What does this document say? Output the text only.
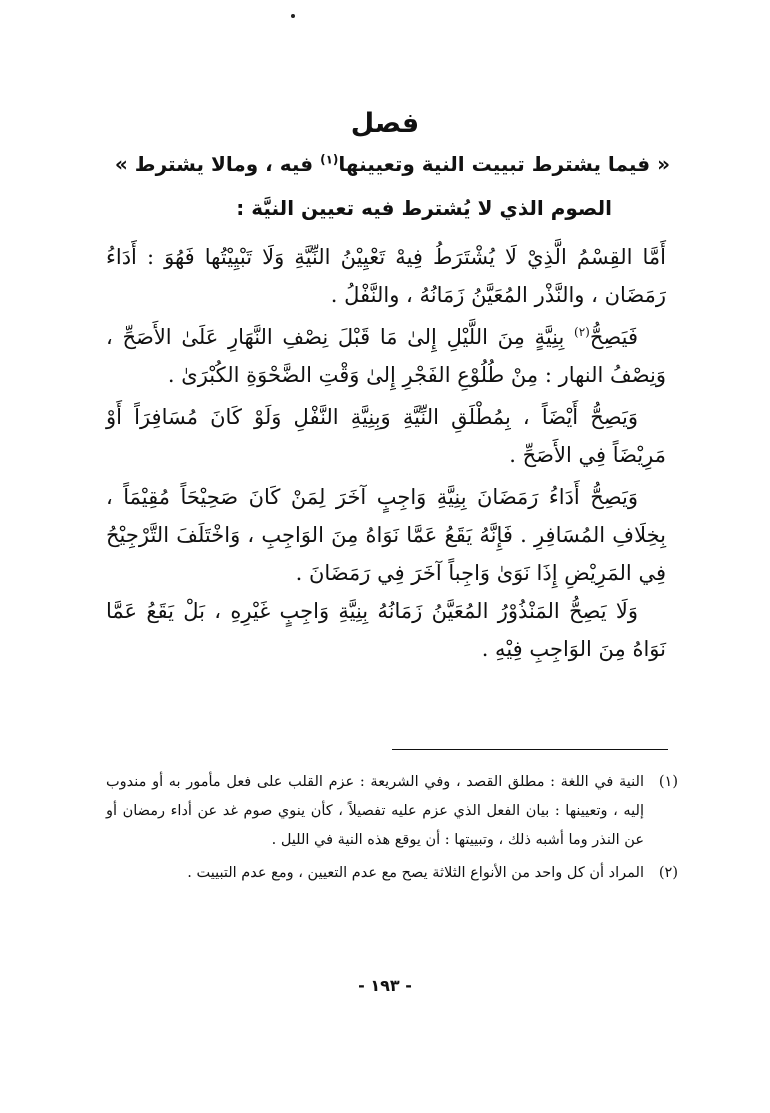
فصل
« فيما يشترط تبييت النية وتعيينها$^{(١)}$ فيه ، ومالا يشترط »
الصوم الذي لا يُشترط فيه تعيين النيَّة :

أَمَّا القِسْمُ الَّذِيْ لَا يُشْتَرَطُ فِيهْ تَعْيِيْنُ النِّيَّةِ وَلَا تَبْيِيْتُها فَهُوَ : أَدَاءُ رَمَضَان ، والنَّذْر المُعَيَّنُ زَمَانُهُ ، والنَّفْلُ .

فَيَصِحُّ$^{(٢)}$ بِنِيَّةٍ مِنَ اللَّيْلِ إِلىٰ مَا قَبْلَ نِصْفِ النَّهَارِ عَلَىٰ الأَصَحِّ ، وَنِصْفُ النهار : مِنْ طُلُوْعِ الفَجْرِ إِلىٰ وَقْتِ الضَّحْوَةِ الكُبْرَىٰ .

وَيَصِحُّ أَيْضَاً ، بِمُطْلَقِ النِّيَّةِ وَبِنِيَّةِ النَّفْلِ وَلَوْ كَانَ مُسَافِرَاً أَوْ مَرِيْضَاً فِي الأَصَحِّ .

وَيَصِحُّ أَدَاءُ رَمَضَانَ بِنِيَّةِ وَاجِبٍ آخَرَ لِمَنْ كَانَ صَحِيْحَاً مُقِيْمَاً ، بِخِلَافِ المُسَافِرِ . فَإِنَّهُ يَقَعُ عَمَّا نَوَاهُ مِنَ الوَاجِبِ ، وَاخْتَلَفَ التَّرْجِيْحُ فِي المَرِيْضِ إِذَا نَوَىٰ وَاجِباً آخَرَ فِي رَمَضَانَ .

وَلَا يَصِحُّ المَنْذُوْرُ المُعَيَّنُ زَمَانُهُ بِنِيَّةِ وَاجِبٍ غَيْرِهِ ، بَلْ يَقَعُ عَمَّا نَوَاهُ مِنَ الوَاجِبِ فِيْهِ .

(١)
النية في اللغة : مطلق القصد ، وفي الشريعة : عزم القلب على فعل مأمور به أو مندوب إليه ، وتعيينها : بيان الفعل الذي عزم عليه تفصيلاً ، كأن ينوي صوم غد عن أداء رمضان أو عن النذر وما أشبه ذلك ، وتبييتها : أن يوقع هذه النية في الليل .
(٢)
المراد أن كل واحد من الأنواع الثلاثة يصح مع عدم التعيين ، ومع عدم التبييت .
- ١٩٣ -
